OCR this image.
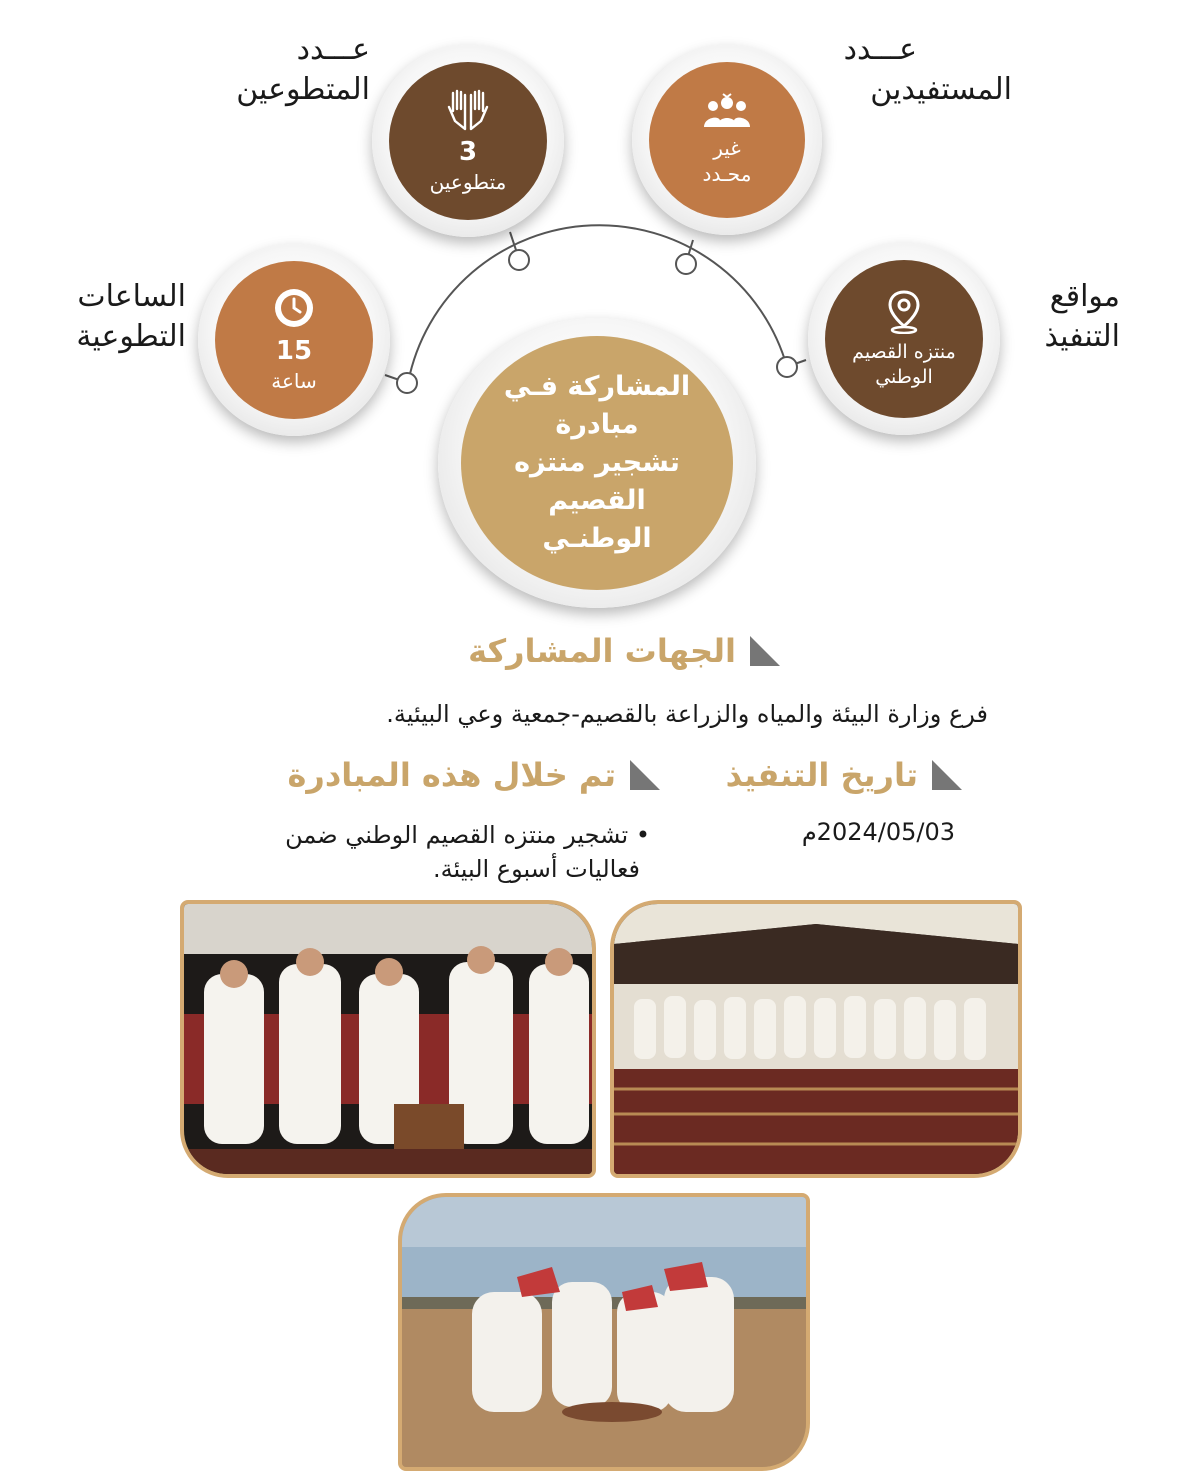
عـــدد
المتطوعين
3
متطوعين
غير
محـدد
عـــدد
المستفيدين
الساعات
التطوعية	15
ساعة
منتزه القصيم
الوطني
مواقع
التنفيذ
المشاركة فـي مبادرة
تشجير منتزه القصيم
الوطنـي
الجهات المشاركة
فرع وزارة البيئة والمياه والزراعة بالقصيم-جمعية وعي البيئية.
تاريخ التنفيذ
2024/05/03م
تم خلال هذه المبادرة
• تشجير منتزه القصيم الوطني ضمن
فعاليات أسبوع البيئة.
